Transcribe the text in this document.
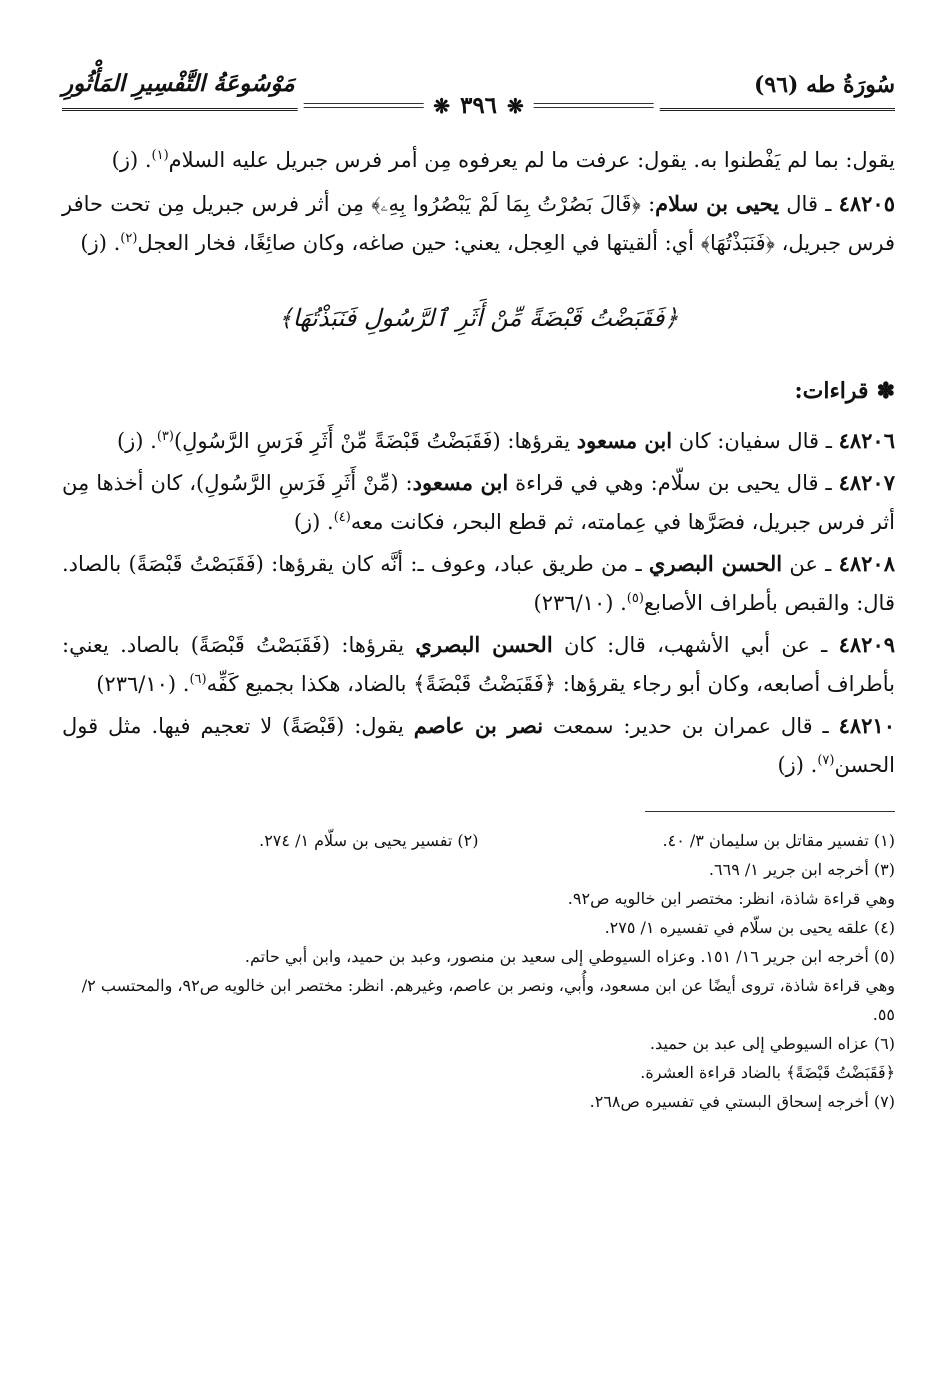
سُورَةُ طه (٩٦)
مَوْسُوعَةُ التَّفْسِيرِ المَأْثُورِ
❋
٣٩٦
❋

يقول: بما لم يَفْطنوا به. يقول: عرفت ما لم يعرفوه مِن أمر فرس جبريل عليه السلام$^{(١)}$. (ز)

٤٨٢٠٥ ـ قال يحيى بن سلام: ﴿قَالَ بَصُرْتُ بِمَا لَمْ يَبْصُرُوا بِهِۦ﴾ مِن أثر فرس جبريل مِن تحت حافر فرس جبريل، ﴿فَنَبَذْتُهَا﴾ أي: ألقيتها في العِجل، يعني: حين صاغه، وكان صائِغًا، فخار العجل$^{(٢)}$. (ز)

﴿فَقَبَضْتُ قَبْضَةً مِّنْ أَثَرِ ٱلرَّسُولِ فَنَبَذْتُهَا﴾
✽
قراءات:

٤٨٢٠٦ ـ قال سفيان: كان ابن مسعود يقرؤها: (فَقَبَضْتُ قَبْضَةً مِّنْ أَثَرِ فَرَسِ الرَّسُولِ)$^{(٣)}$. (ز)

٤٨٢٠٧ ـ قال يحيى بن سلّام: وهي في قراءة ابن مسعود: (مِّنْ أَثَرِ فَرَسِ الرَّسُولِ)، كان أخذها مِن أثر فرس جبريل، فصَرَّها في عِمامته، ثم قطع البحر، فكانت معه$^{(٤)}$. (ز)

٤٨٢٠٨ ـ عن الحسن البصري ـ من طريق عباد، وعوف ـ: أنَّه كان يقرؤها: (فَقَبَصْتُ قَبْصَةً) بالصاد. قال: والقبص بأطراف الأصابع$^{(٥)}$. (٢٣٦/١٠)

٤٨٢٠٩ ـ عن أبي الأشهب، قال: كان الحسن البصري يقرؤها: (فَقَبَصْتُ قَبْصَةً) بالصاد. يعني: بأطراف أصابعه، وكان أبو رجاء يقرؤها: ﴿فَقَبَضْتُ قَبْضَةً﴾ بالضاد، هكذا بجميع كَفِّه$^{(٦)}$. (٢٣٦/١٠)

٤٨٢١٠ ـ قال عمران بن حدير: سمعت نصر بن عاصم يقول: (قَبْصَةً) لا تعجيم فيها. مثل قول الحسن$^{(٧)}$. (ز)

(١) تفسير مقاتل بن سليمان ٣/ ٤٠.
(٢) تفسير يحيى بن سلّام ١/ ٢٧٤.

(٣) أخرجه ابن جرير ١/ ٦٦٩.

وهي قراءة شاذة، انظر: مختصر ابن خالويه ص٩٢.

(٤) علقه يحيى بن سلّام في تفسيره ١/ ٢٧٥.

(٥) أخرجه ابن جرير ١٦/ ١٥١. وعزاه السيوطي إلى سعيد بن منصور، وعبد بن حميد، وابن أبي حاتم.

وهي قراءة شاذة، تروى أيضًا عن ابن مسعود، وأُبي، ونصر بن عاصم، وغيرهم. انظر: مختصر ابن خالويه ص٩٢، والمحتسب ٢/ ٥٥.

(٦) عزاه السيوطي إلى عبد بن حميد.

﴿فَقَبَضْتُ قَبْضَةً﴾ بالضاد قراءة العشرة.

(٧) أخرجه إسحاق البستي في تفسيره ص٢٦٨.
